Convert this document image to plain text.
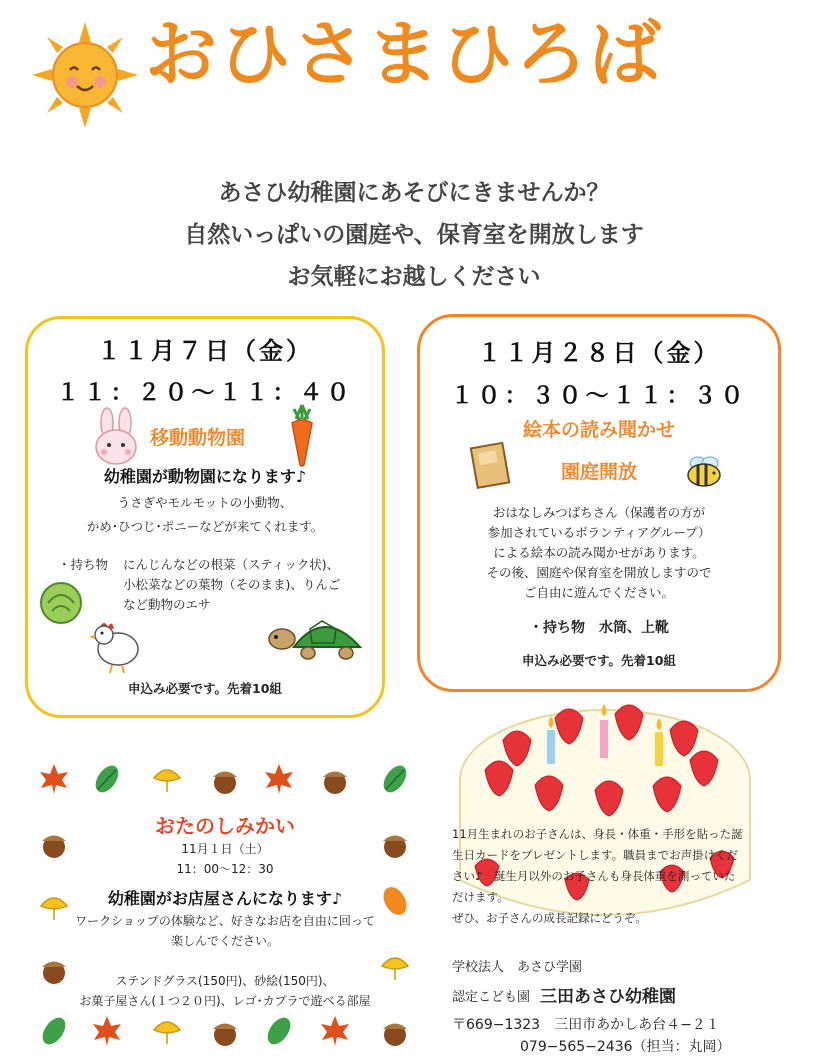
おひさまひろば
あさひ幼稚園にあそびにきませんか？
自然いっぱいの園庭や、保育室を開放します
お気軽にお越しください
１１月７日（金）
１１：２０〜１１：４０
移動動物園
幼稚園が動物園になります♪
うさぎやモルモットの小動物、
かめ･ひつじ･ポニーなどが来てくれます。
・持ち物 にんじんなどの根菜（スティック状)、
小松菜などの葉物（そのまま)、りんご
など動物のエサ
申込み必要です。先着10組
１１月２８日（金）
１０：３０〜１１：３０
絵本の読み聞かせ
園庭開放
おはなしみつばちさん（保護者の方が
参加されているボランティアグループ）
による絵本の読み聞かせがあります。
その後、園庭や保育室を開放しますので
ご自由に遊んでください。
・持ち物　水筒、上靴
申込み必要です。先着10組
おたのしみかい
11月１日（土）
11：00〜12：30
幼稚園がお店屋さんになります♪
ワークショップの体験など、好きなお店を自由に回って
楽しんでください。
ステンドグラス(150円)、砂絵(150円)、
お菓子屋さん(１つ２０円)、レゴ･カプラで遊べる部屋
11月生まれのお子さんは、身長・体重・手形を貼った誕
生日カードをプレゼントします。職員までお声掛けくだ
さい♪　誕生月以外のお子さんも身長体重を測っていた
だけます。
ぜひ、お子さんの成長記録にどうぞ。
学校法人　あさひ学園
認定こども園 三田あさひ幼稚園
〒669−1323　三田市あかしあ台４−２１
079−565−2436（担当：丸岡）
